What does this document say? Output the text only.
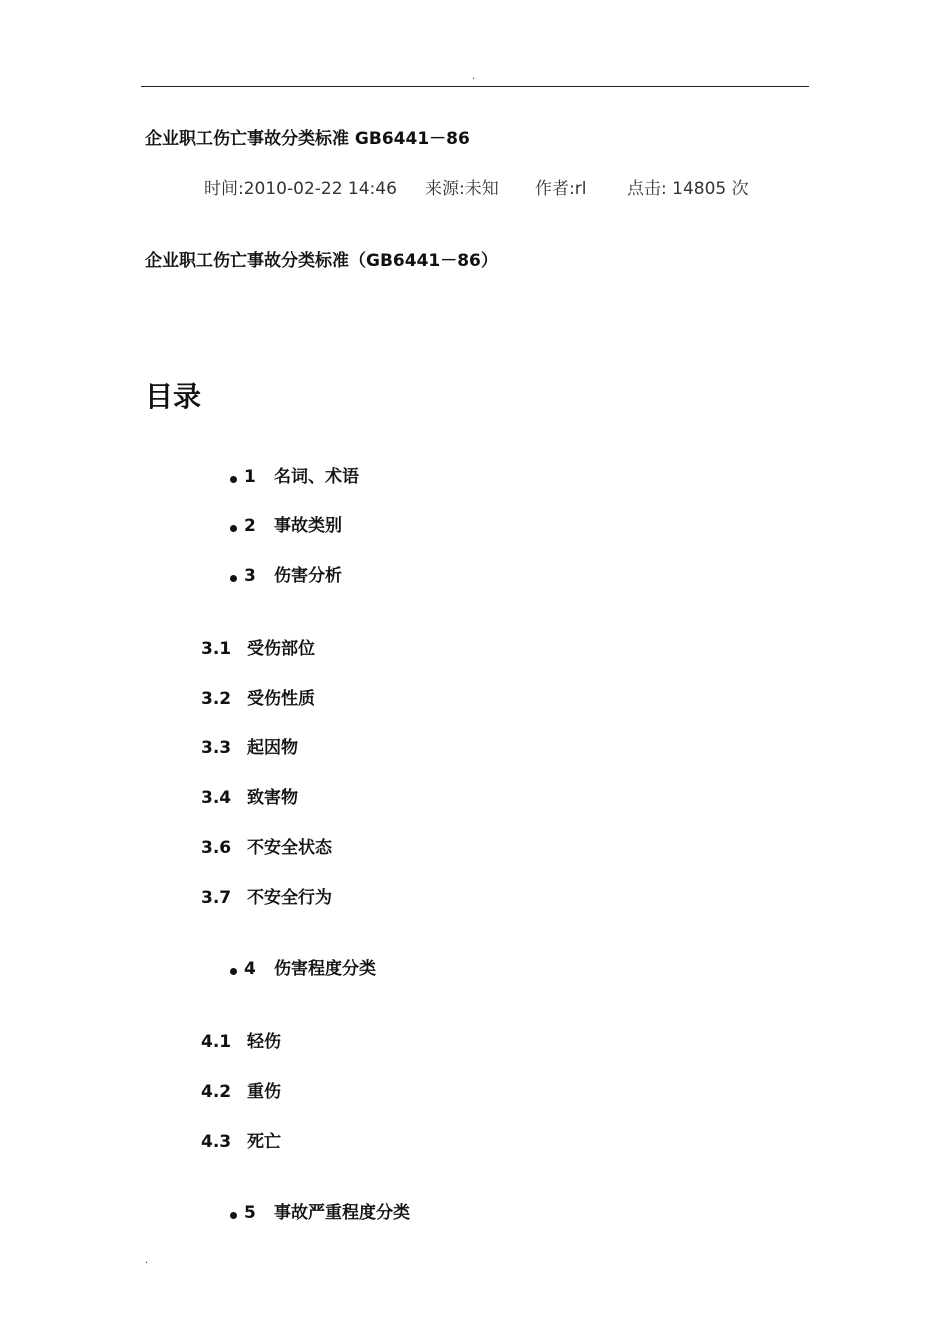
.
企业职工伤亡事故分类标准 GB6441－86
时间:2010-02-22 14:46 来源:未知 作者:rl 点击: 14805 次
企业职工伤亡事故分类标准（GB6441－86）
目录
1 名词、术语
2 事故类别
3 伤害分析
3.1 受伤部位
3.2 受伤性质
3.3 起因物
3.4 致害物
3.6 不安全状态
3.7 不安全行为
4 伤害程度分类
4.1 轻伤
4.2 重伤
4.3 死亡
5 事故严重程度分类
.
